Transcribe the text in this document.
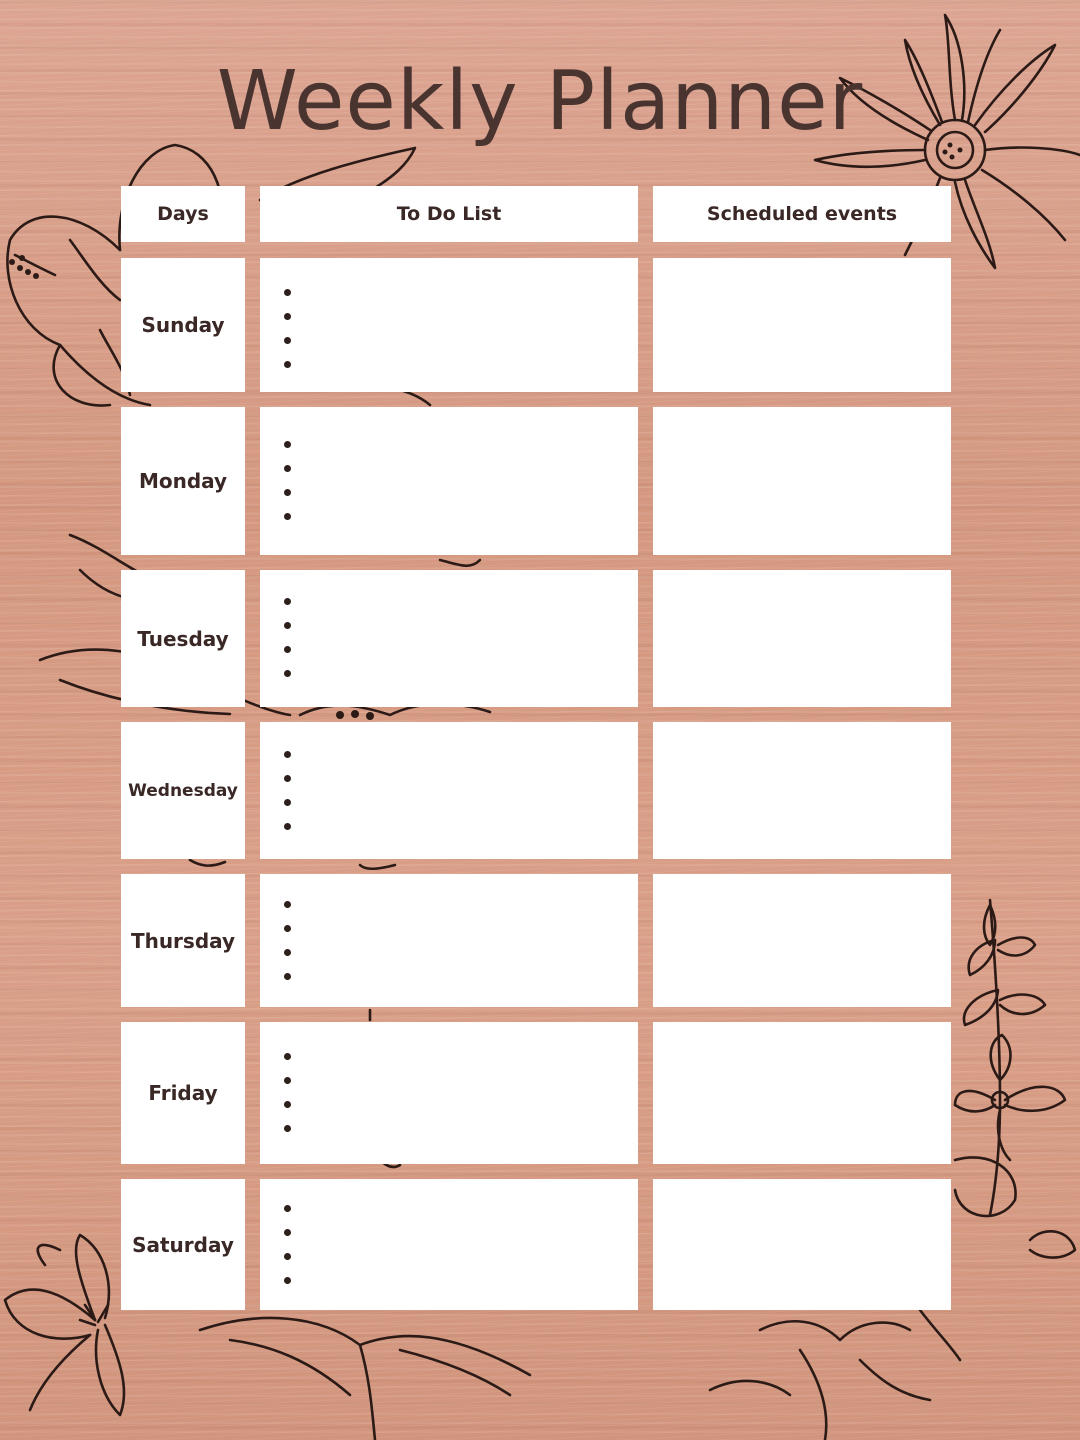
Weekly Planner
Days	To Do List	Scheduled events
Sunday
Monday
Tuesday
Wednesday
Thursday
Friday
Saturday
